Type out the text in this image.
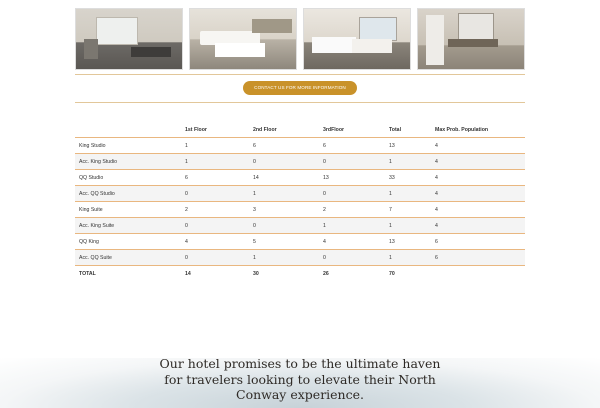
CONTACT US FOR MORE INFORMATION
	1st Floor	2nd Floor	3rdFloor	Total	Max Prob. Population
King Studio	1	6	6	13	4
Acc. King Studio	1	0	0	1	4
QQ Studio	6	14	13	33	4
Acc. QQ Studio	0	1	0	1	4
King Suite	2	3	2	7	4
Acc. King Suite	0	0	1	1	4
QQ King	4	5	4	13	6
Acc. QQ Suite	0	1	0	1	6
TOTAL	14	30	26	70	
Our hotel promises to be the ultimate haven for travelers looking to elevate their North Conway experience.
